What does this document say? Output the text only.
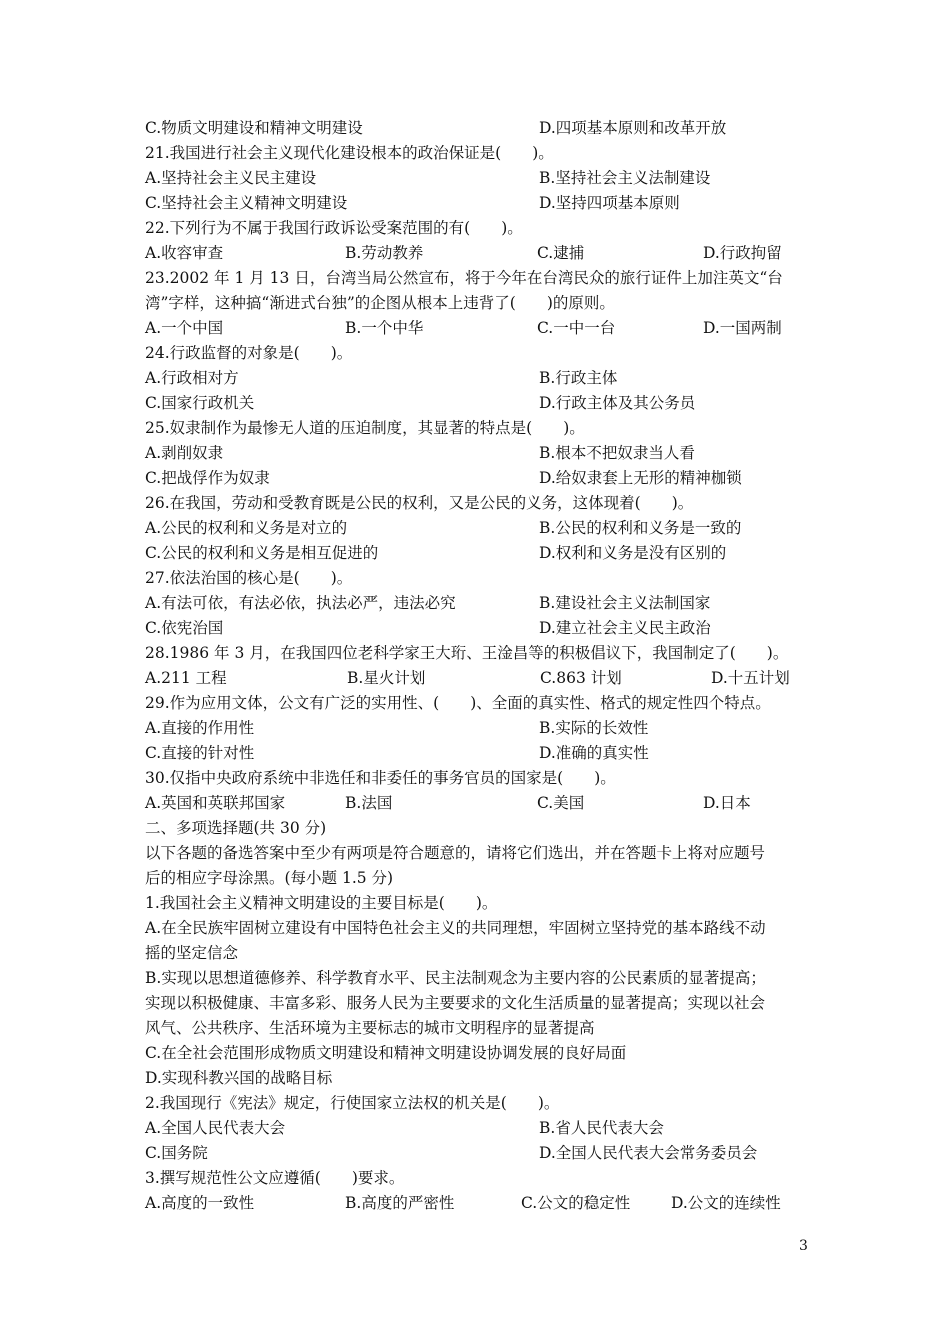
C.物质文明建设和精神文明建设	D.四项基本原则和改革开放
21.我国进行社会主义现代化建设根本的政治保证是(　　)。
A.坚持社会主义民主建设	B.坚持社会主义法制建设
C.坚持社会主义精神文明建设	D.坚持四项基本原则
22.下列行为不属于我国行政诉讼受案范围的有(　　)。
A.收容审查	B.劳动教养	C.逮捕	D.行政拘留
23.2002 年 1 月 13 日，台湾当局公然宣布，将于今年在台湾民众的旅行证件上加注英文“台
湾”字样，这种搞“渐进式台独”的企图从根本上违背了(　　)的原则。
A.一个中国	B.一个中华	C.一中一台	D.一国两制
24.行政监督的对象是(　　)。
A.行政相对方	B.行政主体
C.国家行政机关	D.行政主体及其公务员
25.奴隶制作为最惨无人道的压迫制度，其显著的特点是(　　)。
A.剥削奴隶	B.根本不把奴隶当人看
C.把战俘作为奴隶	D.给奴隶套上无形的精神枷锁
26.在我国，劳动和受教育既是公民的权利，又是公民的义务，这体现着(　　)。
A.公民的权利和义务是对立的	B.公民的权利和义务是一致的
C.公民的权利和义务是相互促进的	D.权利和义务是没有区别的
27.依法治国的核心是(　　)。
A.有法可依，有法必依，执法必严，违法必究	B.建设社会主义法制国家
C.依宪治国	D.建立社会主义民主政治
28.1986 年 3 月，在我国四位老科学家王大珩、王淦昌等的积极倡议下，我国制定了(　　)。
A.211 工程	B.星火计划	C.863 计划	D.十五计划
29.作为应用文体，公文有广泛的实用性、(　　)、全面的真实性、格式的规定性四个特点。
A.直接的作用性	B.实际的长效性
C.直接的针对性	D.准确的真实性
30.仅指中央政府系统中非选任和非委任的事务官员的国家是(　　)。
A.英国和英联邦国家	B.法国	C.美国	D.日本
二、多项选择题(共 30 分)
以下各题的备选答案中至少有两项是符合题意的，请将它们选出，并在答题卡上将对应题号
后的相应字母涂黑。(每小题 1.5 分)
1.我国社会主义精神文明建设的主要目标是(　　)。
A.在全民族牢固树立建设有中国特色社会主义的共同理想，牢固树立坚持党的基本路线不动
摇的坚定信念
B.实现以思想道德修养、科学教育水平、民主法制观念为主要内容的公民素质的显著提高；
实现以积极健康、丰富多彩、服务人民为主要要求的文化生活质量的显著提高；实现以社会
风气、公共秩序、生活环境为主要标志的城市文明程序的显著提高
C.在全社会范围形成物质文明建设和精神文明建设协调发展的良好局面
D.实现科教兴国的战略目标
2.我国现行《宪法》规定，行使国家立法权的机关是(　　)。
A.全国人民代表大会	B.省人民代表大会
C.国务院	D.全国人民代表大会常务委员会
3.撰写规范性公文应遵循(　　)要求。
A.高度的一致性	B.高度的严密性	C.公文的稳定性	D.公文的连续性
3
